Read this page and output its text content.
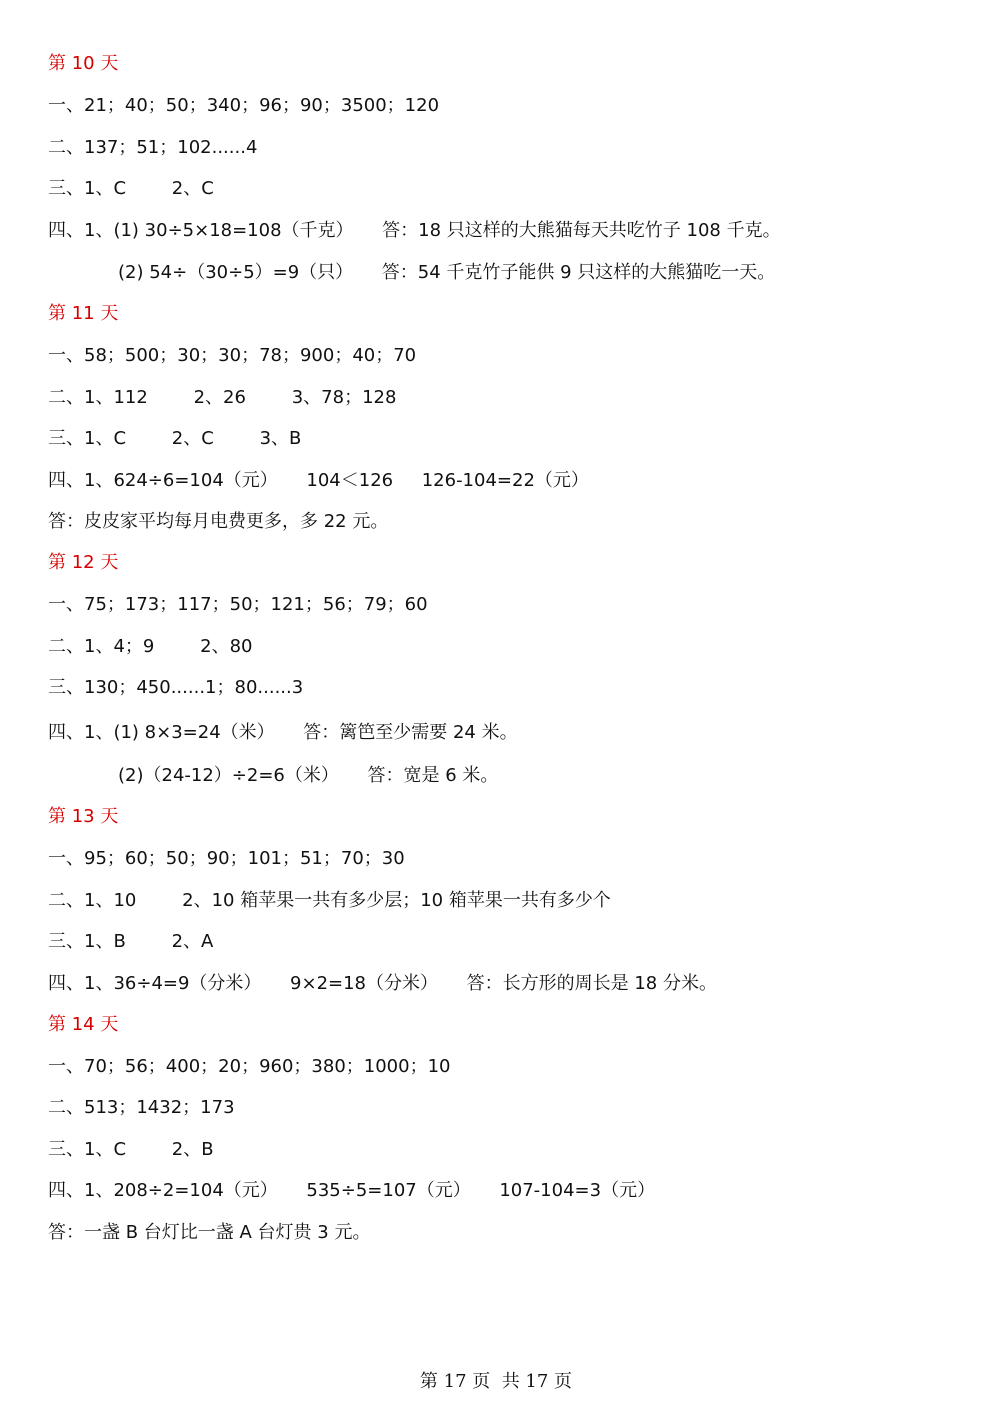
第 10 天
一、21；40；50；340；96；90；3500；120
二、137；51；102......4
三、1、C        2、C
四、1、(1) 30÷5×18=108（千克）     答：18 只这样的大熊猫每天共吃竹子 108 千克。
(2) 54÷（30÷5）=9（只）     答：54 千克竹子能供 9 只这样的大熊猫吃一天。
第 11 天
一、58；500；30；30；78；900；40；70
二、1、112        2、26        3、78；128
三、1、C        2、C        3、B
四、1、624÷6=104（元）     104＜126     126-104=22（元）
答：皮皮家平均每月电费更多，多 22 元。
第 12 天
一、75；173；117；50；121；56；79；60
二、1、4；9        2、80
三、130；450......1；80......3
四、1、(1) 8×3=24（米）     答：篱笆至少需要 24 米。
(2)（24-12）÷2=6（米）     答：宽是 6 米。
第 13 天
一、95；60；50；90；101；51；70；30
二、1、10        2、10 箱苹果一共有多少层；10 箱苹果一共有多少个
三、1、B        2、A
四、1、36÷4=9（分米）     9×2=18（分米）     答：长方形的周长是 18 分米。
第 14 天
一、70；56；400；20；960；380；1000；10
二、513；1432；173
三、1、C        2、B
四、1、208÷2=104（元）     535÷5=107（元）     107-104=3（元）
答：一盏 B 台灯比一盏 A 台灯贵 3 元。
第 17 页  共 17 页
